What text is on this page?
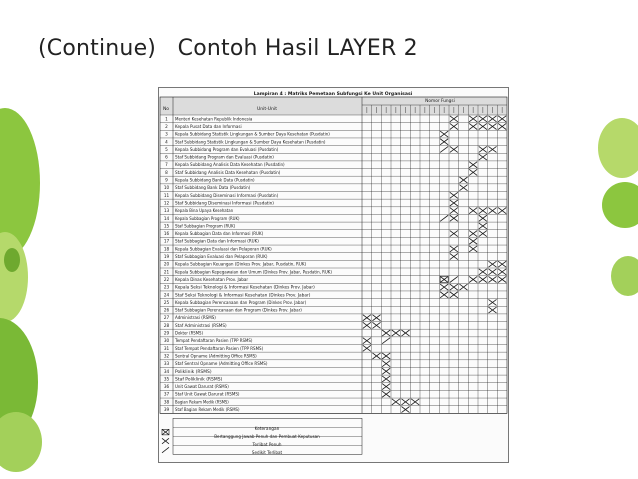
(Continue)   Contoh Hasil LAYER 2
Lampiran 4 : Matriks Pemetaan Subfungsi Ke Unit Organisasi
No	Unit-Unit
Nomor Fungsi
1 Menteri Kesehatan Republik Indonesia
2 Kepala Pusat Data dan Informasi
3 Kepala Subbidang Statistik Lingkungan & Sumber Daya Kesehatan (Pusdatin)
4 Staf Subbidang Statistik Lingkungan & Sumber Daya Kesehatan (Pusdatin)
5 Kepala Subbidang Program dan Evaluasi (Pusdatin)
6 Staf Subbidang Program dan Evaluasi (Pusdatin)
7 Kepala Subbidang Analisis Data Kesehatan (Pusdatin)
8 Staf Subbidang Analisis Data Kesehatan (Pusdatin)
9 Kepala Subbidang Bank Data (Pusdatin)
10 Staf Subbidang Bank Data (Pusdatin)
11 Kepala Subbidang Diseminasi Informasi (Pusdatin)
12 Staf Subbidang Diseminasi Informasi (Pusdatin)
13 Kepala Bina Upaya Kesehatan
14 Kepala Subbagian Program (RUK)
15 Staf Subbagian Program (RUK)
16 Kepala Subbagian Data dan Informasi (RUK)
17 Staf Subbagian Data dan Informasi (RUK)
18 Kepala Subbagian Evaluasi dan Pelaporan (RUK)
19 Staf Subbagian Evaluasi dan Pelaporan (RUK)
20 Kepala Subbagian Keuangan (Dinkes Prov. Jabar, Pusdatin, RUK)
21 Kepala Subbagian Kepegawaian dan Umum (Dinkes Prov. Jabar, Pusdatin, RUK)
22 Kepala Dinas Kesehatan Prov. Jabar
23 Kepala Seksi Teknologi & Informasi Kesehatan (Dinkes Prov. Jabar)
24 Staf Seksi Teknologi & Informasi Kesehatan (Dinkes Prov. Jabar)
25 Kepala Subbagian Perencanaan dan Program (Dinkes Prov. Jabar)
26 Staf Subbagian Perencanaan dan Program (Dinkes Prov. Jabar)
27 Administrasi (RSMS)
28 Staf Administrasi (RSMS)
29 Dokter (RSMS)
30 Tempat Pendaftaran Pasien (TPP RSMS)
31 Staf Tempat Pendaftaran Pasien (TPP RSMS)
32 Sentral Opname (Admitting Office RSMS)
33 Staf Sentral Opname (Admitting Office RSMS)
34 Poliklinik (RSMS)
35 Staf Poliklinik (RSMS)
36 Unit Gawat Darurat (RSMS)
37 Staf Unit Gawat Darurat (RSMS)
38 Bagian Rekam Medik (RSMS)
39 Staf Bagian Rekam Medik (RSMS)
Keterangan
Bertanggung Jawab Penuh dan Pembuat Keputusan
Terlibat Penuh
Sedikit Terlibat
